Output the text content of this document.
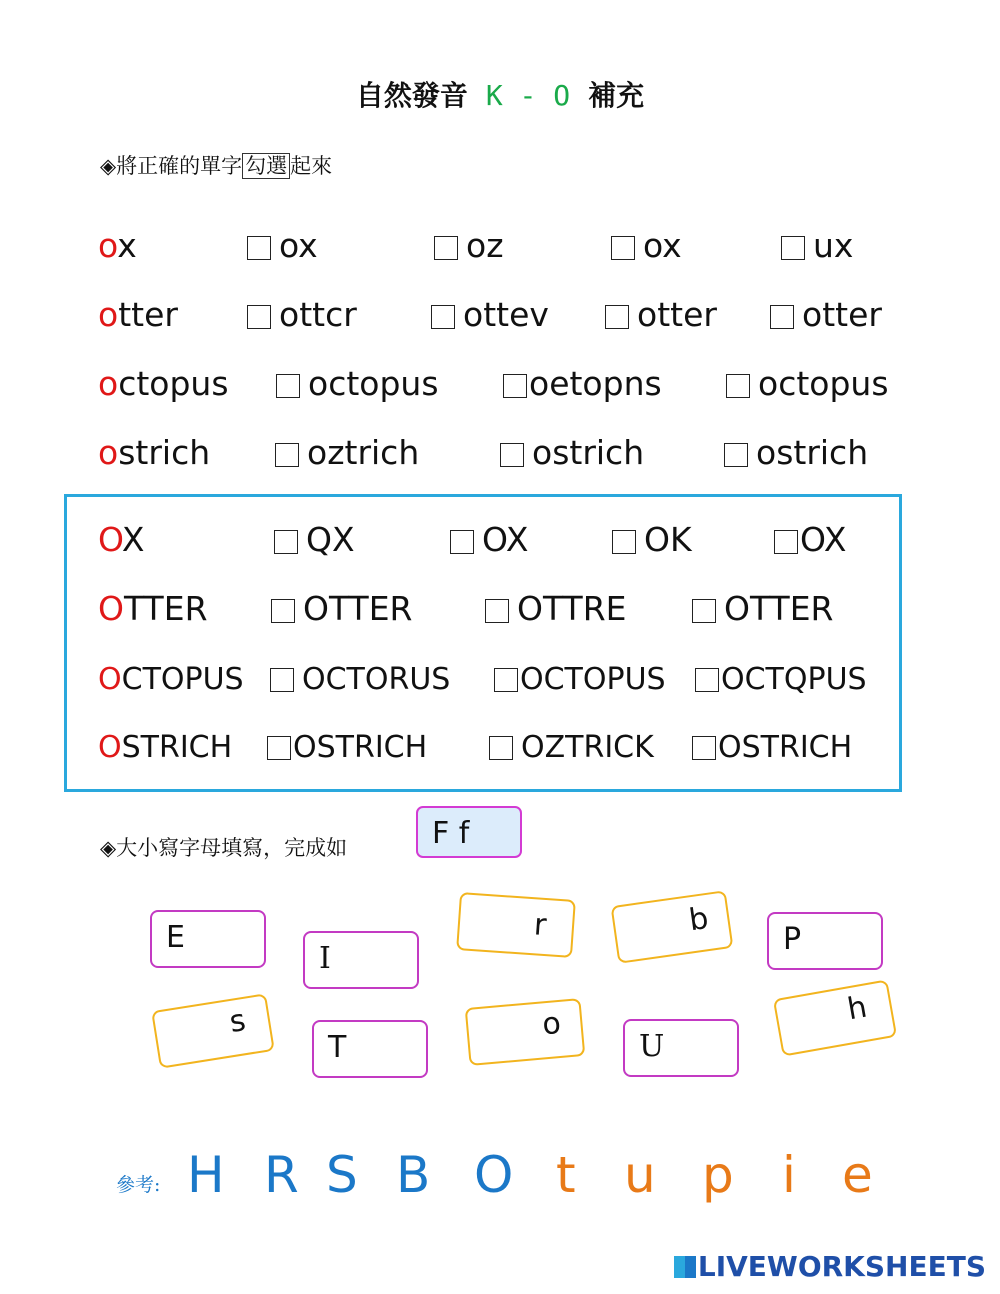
自然發音 K - O 補充
◈將正確的單字 勾選 起來
ox	ox	oz	ox	ux
otter	ottcr	ottev	otter	otter
octopus	octopus	oetopns	octopus
ostrich	oztrich	ostrich	ostrich
OX	QX	OX	OK	OX
OTTER	OTTER	OTTRE	OTTER
OCTOPUS	OCTORUS	OCTOPUS	OCTQPUS
OSTRICH	OSTRICH	OZTRICK	OSTRICH
◈大小寫字母填寫，完成如	F f
E
I
r	b
P
s
T
o
U
h
參考: H R S B O t u p i e
LIVEWORKSHEETS
